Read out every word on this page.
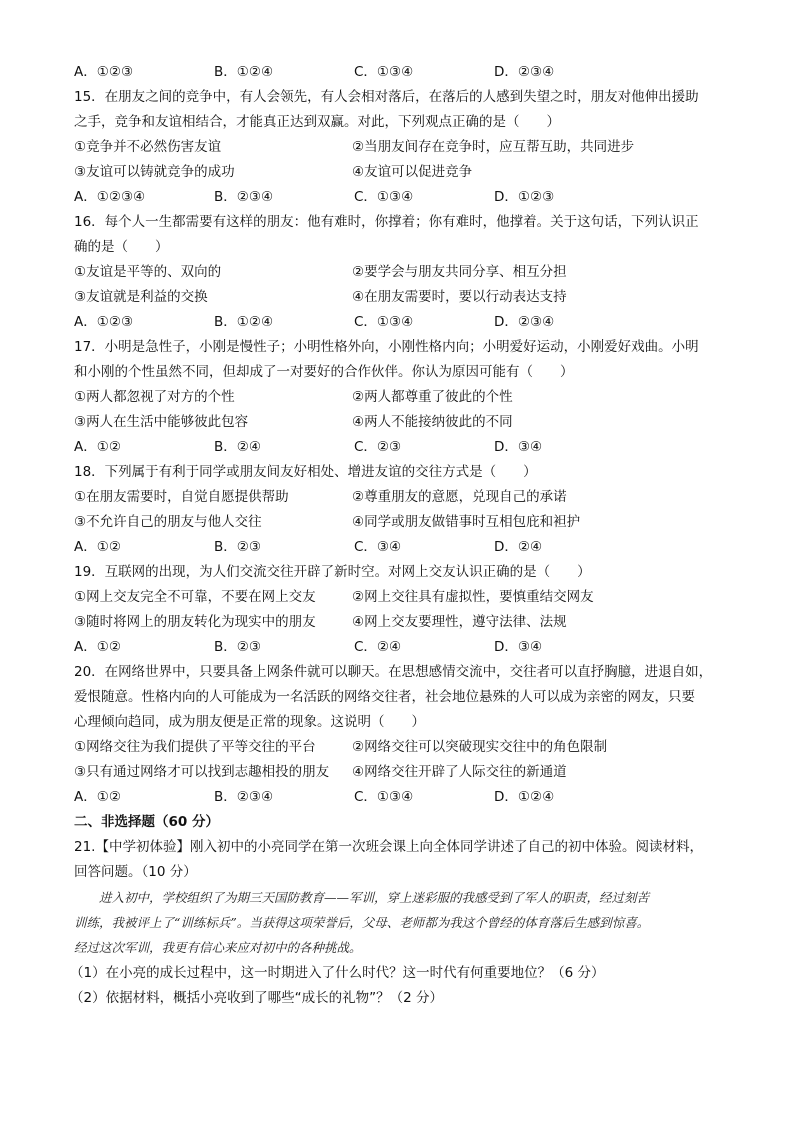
A．①②③	B．①②④	C．①③④	D．②③④
15．在朋友之间的竞争中，有人会领先，有人会相对落后，在落后的人感到失望之时，朋友对他伸出援助
之手，竞争和友谊相结合，才能真正达到双赢。对此，下列观点正确的是（　　）
①竞争并不必然伤害友谊	②当朋友间存在竞争时，应互帮互助，共同进步
③友谊可以铸就竞争的成功	④友谊可以促进竞争
A．①②③④	B．②③④	C．①③④	D．①②③
16．每个人一生都需要有这样的朋友：他有难时，你撑着；你有难时，他撑着。关于这句话，下列认识正
确的是（　　）
①友谊是平等的、双向的	②要学会与朋友共同分享、相互分担
③友谊就是利益的交换	④在朋友需要时，要以行动表达支持
A．①②③	B．①②④	C．①③④	D．②③④
17．小明是急性子，小刚是慢性子；小明性格外向，小刚性格内向；小明爱好运动，小刚爱好戏曲。小明
和小刚的个性虽然不同，但却成了一对要好的合作伙伴。你认为原因可能有（　　）
①两人都忽视了对方的个性	②两人都尊重了彼此的个性
③两人在生活中能够彼此包容	④两人不能接纳彼此的不同
A．①②	B．②④	C．②③	D．③④
18．下列属于有利于同学或朋友间友好相处、增进友谊的交往方式是（　　）
①在朋友需要时，自觉自愿提供帮助	②尊重朋友的意愿，兑现自己的承诺
③不允许自己的朋友与他人交往	④同学或朋友做错事时互相包庇和袒护
A．①②	B．②③	C．③④	D．②④
19．互联网的出现，为人们交流交往开辟了新时空。对网上交友认识正确的是（　　）
①网上交友完全不可靠，不要在网上交友	②网上交往具有虚拟性，要慎重结交网友
③随时将网上的朋友转化为现实中的朋友	④网上交友要理性，遵守法律、法规
A．①②	B．②③	C．②④	D．③④
20．在网络世界中，只要具备上网条件就可以聊天。在思想感情交流中，交往者可以直抒胸臆，进退自如，
爱恨随意。性格内向的人可能成为一名活跃的网络交往者，社会地位悬殊的人可以成为亲密的网友，只要
心理倾向趋同，成为朋友便是正常的现象。这说明（　　）
①网络交往为我们提供了平等交往的平台	②网络交往可以突破现实交往中的角色限制
③只有通过网络才可以找到志趣相投的朋友 ④网络交往开辟了人际交往的新通道
A．①②	B．②③④	C．①③④	D．①②④
二、非选择题（60 分）
21.【中学初体验】刚入初中的小亮同学在第一次班会课上向全体同学讲述了自己的初中体验。阅读材料，
回答问题。（10 分）
　　进入初中，学校组织了为期三天国防教育——军训，穿上迷彩服的我感受到了军人的职责，经过刻苦
训练，我被评上了“训练标兵”。当获得这项荣誉后，父母、老师都为我这个曾经的体育落后生感到惊喜。
经过这次军训，我更有信心来应对初中的各种挑战。
（1）在小亮的成长过程中，这一时期进入了什么时代？这一时代有何重要地位？（6 分）
（2）依据材料，概括小亮收到了哪些“成长的礼物”？（2 分）
